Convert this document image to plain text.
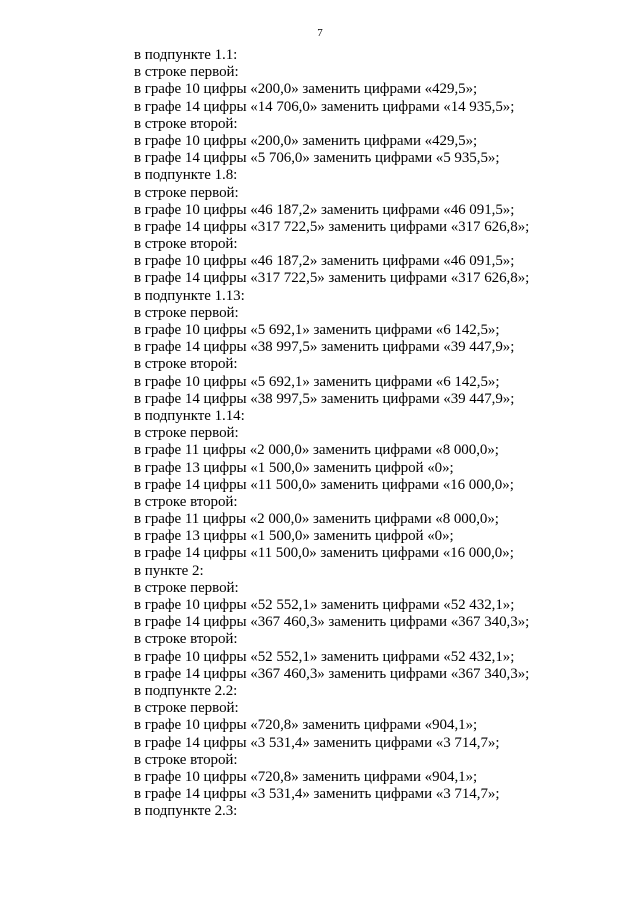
7
в подпункте 1.1:
в строке первой:
в графе 10 цифры «200,0» заменить цифрами «429,5»;
в графе 14 цифры «14 706,0» заменить цифрами «14 935,5»;
в строке второй:
в графе 10 цифры «200,0» заменить цифрами «429,5»;
в графе 14 цифры «5 706,0» заменить цифрами «5 935,5»;
в подпункте 1.8:
в строке первой:
в графе 10 цифры «46 187,2» заменить цифрами «46 091,5»;
в графе 14 цифры «317 722,5» заменить цифрами «317 626,8»;
в строке второй:
в графе 10 цифры «46 187,2» заменить цифрами «46 091,5»;
в графе 14 цифры «317 722,5» заменить цифрами «317 626,8»;
в подпункте 1.13:
в строке первой:
в графе 10 цифры «5 692,1» заменить цифрами «6 142,5»;
в графе 14 цифры «38 997,5» заменить цифрами «39 447,9»;
в строке второй:
в графе 10 цифры «5 692,1» заменить цифрами «6 142,5»;
в графе 14 цифры «38 997,5» заменить цифрами «39 447,9»;
в подпункте 1.14:
в строке первой:
в графе 11 цифры «2 000,0» заменить цифрами «8 000,0»;
в графе 13 цифры «1 500,0» заменить цифрой «0»;
в графе 14 цифры «11 500,0» заменить цифрами «16 000,0»;
в строке второй:
в графе 11 цифры «2 000,0» заменить цифрами «8 000,0»;
в графе 13 цифры «1 500,0» заменить цифрой «0»;
в графе 14 цифры «11 500,0» заменить цифрами «16 000,0»;
в пункте 2:
в строке первой:
в графе 10 цифры «52 552,1» заменить цифрами «52 432,1»;
в графе 14 цифры «367 460,3» заменить цифрами «367 340,3»;
в строке второй:
в графе 10 цифры «52 552,1» заменить цифрами «52 432,1»;
в графе 14 цифры «367 460,3» заменить цифрами «367 340,3»;
в подпункте 2.2:
в строке первой:
в графе 10 цифры «720,8» заменить цифрами «904,1»;
в графе 14 цифры «3 531,4» заменить цифрами «3 714,7»;
в строке второй:
в графе 10 цифры «720,8» заменить цифрами «904,1»;
в графе 14 цифры «3 531,4» заменить цифрами «3 714,7»;
в подпункте 2.3:
